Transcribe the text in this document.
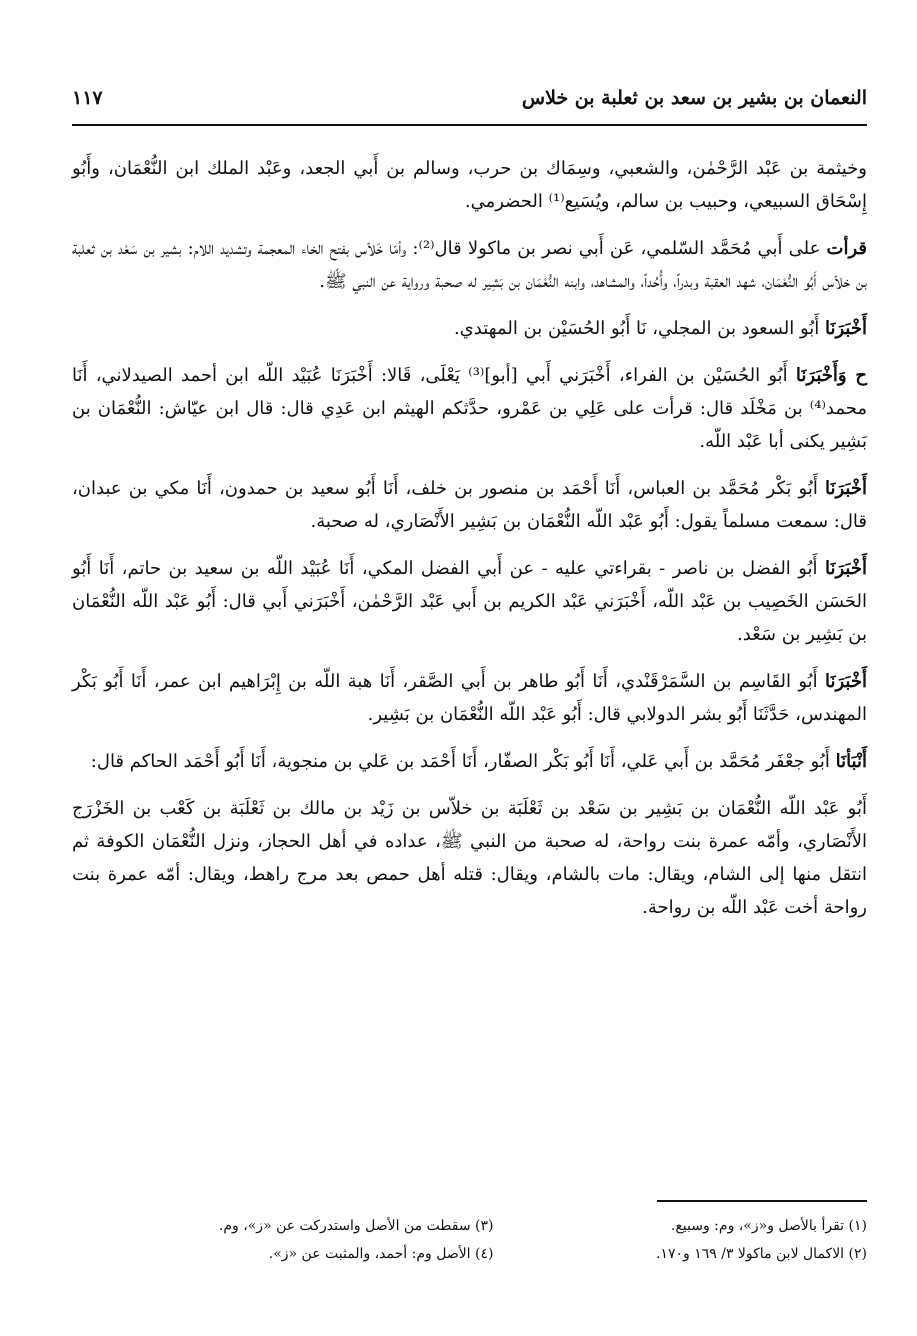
النعمان بن بشير بن سعد بن ثعلبة بن خلاس
١١٧

وخيثمة بن عَبْد الرَّحْمٰن، والشعبي، وسِمَاك بن حرب، وسالم بن أَبي الجعد، وعَبْد الملك ابن النُّعْمَان، وأَبُو إِسْحَاق السبيعي، وحبيب بن سالم، ويُسَيع⁽¹⁾ الحضرمي.

قرأت على أَبي مُحَمَّد السّلمي، عَن أَبي نصر بن ماكولا قال⁽²⁾: وأمّا خَلاّس بفتح الخاء المعجمة وتشديد اللام: بشير بن سَعْد بن ثعلبة بن خلاّس أَبُو النُّعْمَان، شهد العقبة وبدراً، وأُحُداً، والمشاهد، وابنه النُّعْمَان بن بَشِير له صحبة ورواية عن النبي ﷺ.

أَخْبَرَنَا أَبُو السعود بن المجلي، نَا أَبُو الحُسَيْن بن المهتدي.

ح وَأَخْبَرَنَا أَبُو الحُسَيْن بن الفراء، أَخْبَرَني أَبي [أبو]⁽³⁾ يَعْلَى، قَالا: أَخْبَرَنَا عُبَيْد اللّه ابن أحمد الصيدلاني، أَنَا محمد⁽⁴⁾ بن مَخْلَد قال: قرأت على عَلِي بن عَمْرو، حدَّثكم الهيثم ابن عَدِي قال: قال ابن عيّاش: النُّعْمَان بن بَشِير يكنى أبا عَبْد اللّه.

أَخْبَرَنَا أَبُو بَكْر مُحَمَّد بن العباس، أَنَا أَحْمَد بن منصور بن خلف، أَنَا أَبُو سعيد بن حمدون، أَنَا مكي بن عبدان، قال: سمعت مسلماً يقول: أَبُو عَبْد اللّه النُّعْمَان بن بَشِير الأَنْصَاري، له صحبة.

أَخْبَرَنَا أَبُو الفضل بن ناصر - بقراءتي عليه - عن أَبي الفضل المكي، أَنَا عُبَيْد اللّه بن سعيد بن حاتم، أَنَا أَبُو الحَسَن الخَصِيب بن عَبْد اللّه، أَخْبَرَني عَبْد الكريم بن أَبي عَبْد الرَّحْمٰن، أَخْبَرَني أَبي قال: أَبُو عَبْد اللّه النُّعْمَان بن بَشِير بن سَعْد.

أَخْبَرَنَا أَبُو القَاسِم بن السَّمَرْقَنْدي، أَنَا أَبُو طاهر بن أَبي الصَّقر، أَنَا هبة اللّه بن إِبْرَاهيم ابن عمر، أَنَا أَبُو بَكْر المهندس، حَدَّثَنَا أَبُو بشر الدولابي قال: أَبُو عَبْد اللّه النُّعْمَان بن بَشِير.

أَنْبَأنَا أَبُو جعْفَر مُحَمَّد بن أَبي عَلي، أَنَا أَبُو بَكْر الصفّار، أَنَا أَحْمَد بن عَلي بن منجوية، أَنَا أَبُو أَحْمَد الحاكم قال:

أَبُو عَبْد اللّه النُّعْمَان بن بَشِير بن سَعْد بن ثَعْلَبَة بن خلاّس بن زَيْد بن مالك بن ثَعْلَبَة بن كَعْب بن الخَزْرَج الأَنْصَاري، وأمّه عمرة بنت رواحة، له صحبة من النبي ﷺ، عداده في أهل الحجاز، ونزل النُّعْمَان الكوفة ثم انتقل منها إلى الشام، ويقال: مات بالشام، ويقال: قتله أهل حمص بعد مرج راهط، ويقال: أمّه عمرة بنت رواحة أخت عَبْد اللّه بن رواحة.

(١) تقرأ بالأصل و«ز»، وم: وسبيع.
(٢) الاكمال لابن ماكولا ٣/ ١٦٩ و١٧٠.
(٣) سقطت من الأصل واستدركت عن «ز»، وم.
(٤) الأصل وم: أحمد، والمثبت عن «ز».
